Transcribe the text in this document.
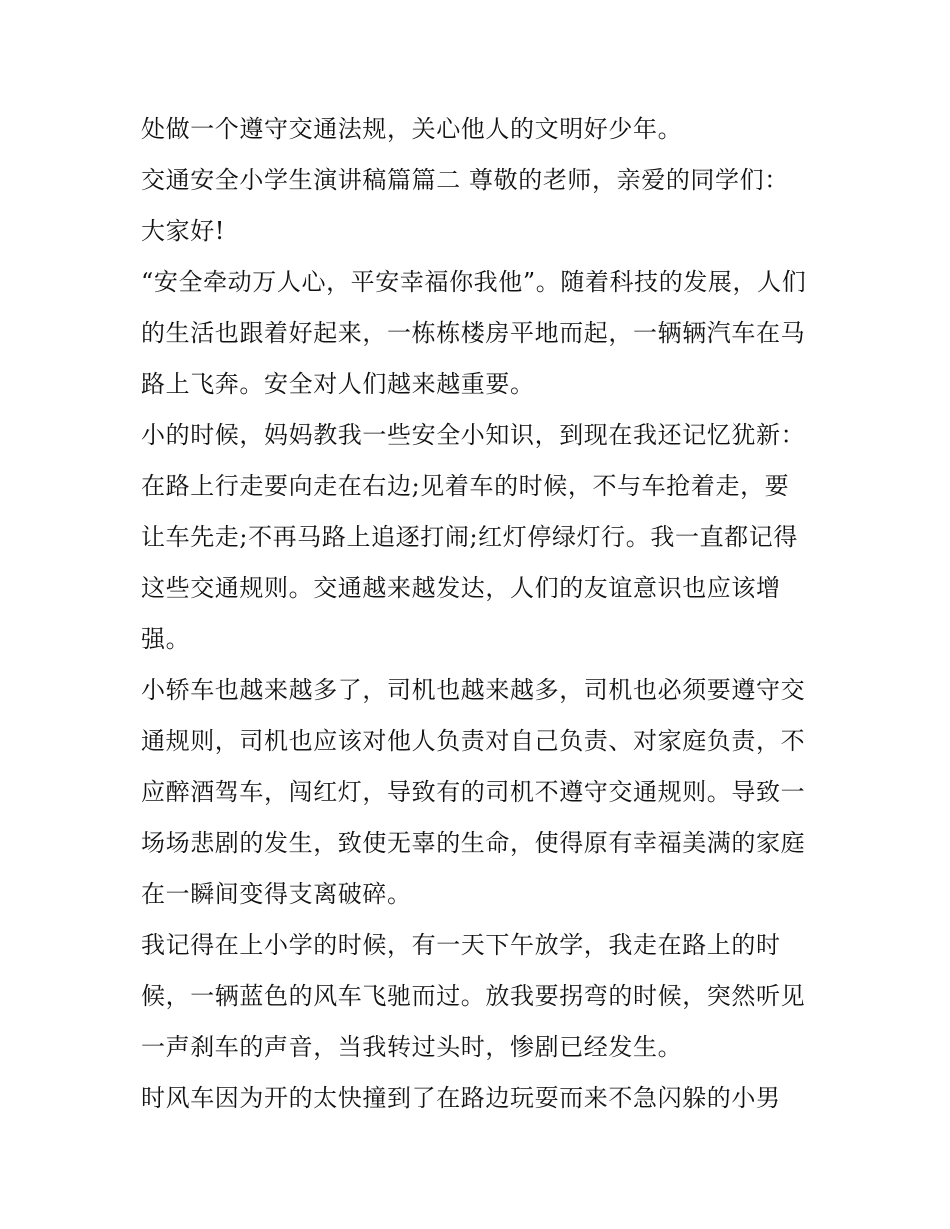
处做一个遵守交通法规，关心他人的文明好少年。
交通安全小学生演讲稿篇篇二 尊敬的老师，亲爱的同学们：
大家好!
“安全牵动万人心，平安幸福你我他”。随着科技的发展，人们
的生活也跟着好起来，一栋栋楼房平地而起，一辆辆汽车在马
路上飞奔。安全对人们越来越重要。
小的时候，妈妈教我一些安全小知识，到现在我还记忆犹新：
在路上行走要向走在右边;见着车的时候，不与车抢着走，要
让车先走;不再马路上追逐打闹;红灯停绿灯行。我一直都记得
这些交通规则。交通越来越发达，人们的友谊意识也应该增
强。
小轿车也越来越多了，司机也越来越多，司机也必须要遵守交
通规则，司机也应该对他人负责对自己负责、对家庭负责，不
应醉酒驾车，闯红灯，导致有的司机不遵守交通规则。导致一
场场悲剧的发生，致使无辜的生命，使得原有幸福美满的家庭
在一瞬间变得支离破碎。
我记得在上小学的时候，有一天下午放学，我走在路上的时
候，一辆蓝色的风车飞驰而过。放我要拐弯的时候，突然听见
一声刹车的声音，当我转过头时，惨剧已经发生。
时风车因为开的太快撞到了在路边玩耍而来不急闪躲的小男
